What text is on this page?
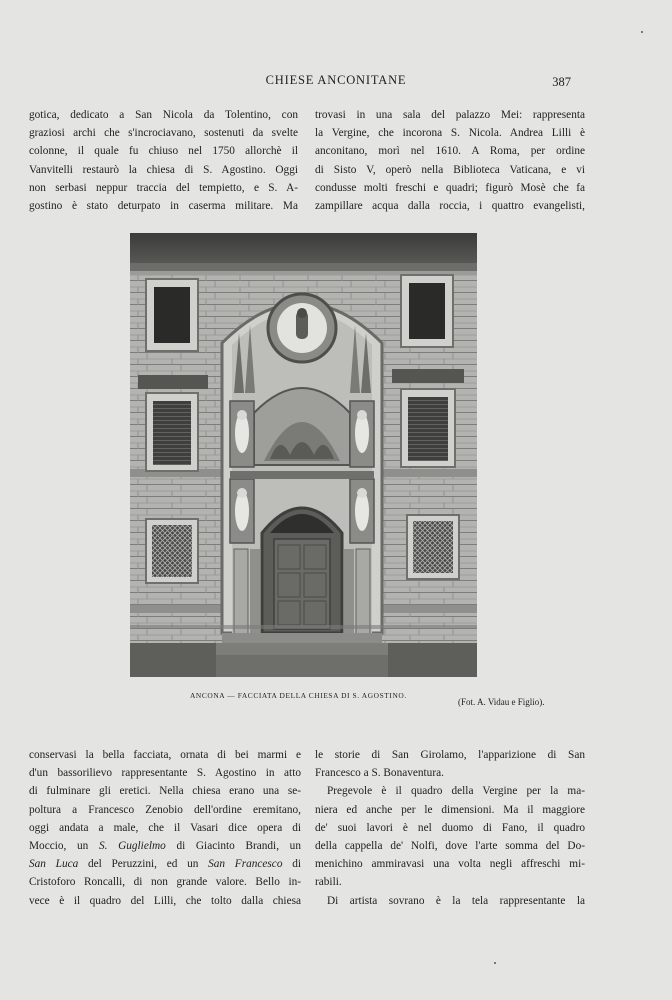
CHIESE ANCONITANE	387
gotica, dedicato a San Nicola da Tolentino, con
graziosi archi che s'incrociavano, sostenuti da svelte
colonne, il quale fu chiuso nel 1750 allorchè il
Vanvitelli restaurò la chiesa di S. Agostino. Oggi
non serbasi neppur traccia del tempietto, e S. A-
gostino è stato deturpato in caserma militare. Ma
trovasi in una sala del palazzo Mei: rappresenta
la Vergine, che incorona S. Nicola. Andrea Lilli è
anconitano, morì nel 1610. A Roma, per ordine
di Sisto V, operò nella Biblioteca Vaticana, e vi
condusse molti freschi e quadri; figurò Mosè che fa
zampillare acqua dalla roccia, i quattro evangelisti,
ANCONA — FACCIATA DELLA CHIESA DI S. AGOSTINO.
(Fot. A. Vidau e Figlio).
conservasi la bella facciata, ornata di bei marmi e
d'un bassorilievo rappresentante S. Agostino in atto
di fulminare gli eretici. Nella chiesa erano una se-
poltura a Francesco Zenobio dell'ordine eremitano,
oggi andata a male, che il Vasari dice opera di
Moccio, un S. Guglielmo di Giacinto Brandi, un
San Luca del Peruzzini, ed un San Francesco di
Cristoforo Roncalli, di non grande valore. Bello in-
vece è il quadro del Lilli, che tolto dalla chiesa
le storie di San Girolamo, l'apparizione di San
Francesco a S. Bonaventura.
Pregevole è il quadro della Vergine per la ma-
niera ed anche per le dimensioni. Ma il maggiore
de' suoi lavori è nel duomo di Fano, il quadro
della cappella de' Nolfi, dove l'arte somma del Do-
menichino ammiravasi una volta negli affreschi mi-
rabili.
Di artista sovrano è la tela rappresentante la
